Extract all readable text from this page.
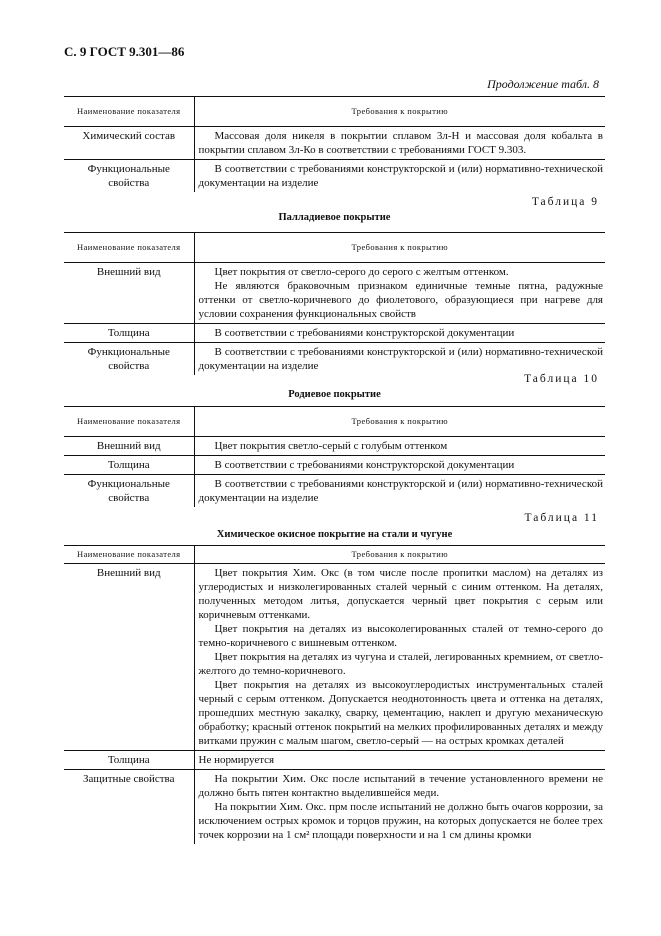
С. 9 ГОСТ 9.301—86
Продолжение табл. 8
Наименование показателя	Требования к покрытию
Химический состав	Массовая доля никеля в покрытии сплавом 3л-Н и массовая доля кобальта в покрытии сплавом 3л-Ко в соответствии с требованиями ГОСТ 9.303.

Функциональные свойства	В соответствии с требованиями конструкторской и (или) нормативно-технической документации на изделие

Таблица 9
Палладиевое покрытие
Наименование показателя	Требования к покрытию
Внешний вид	Цвет покрытия от светло-серого до серого с желтым оттенком.

Не являются браковочным признаком единичные темные пятна, радужные оттенки от светло-коричневого до фиолетового, образующиеся при нагреве для условии сохранения функциональных свойств

Толщина	В соответствии с требованиями конструкторской документации

Функциональные свойства	В соответствии с требованиями конструкторской и (или) нормативно-технической документации на изделие

Таблица 10
Родиевое покрытие
Наименование показателя	Требования к покрытию
Внешний вид	Цвет покрытия светло-серый с голубым оттенком

Толщина	В соответствии с требованиями конструкторской документации

Функциональные свойства	В соответствии с требованиями конструкторской и (или) нормативно-технической документации на изделие

Таблица 11
Химическое окисное покрытие на стали и чугуне
Наименование показателя	Требования к покрытию
Внешний вид	Цвет покрытия Хим. Окс (в том числе после пропитки маслом) на деталях из углеродистых и низколегированных сталей черный с синим оттенком. На деталях, полученных методом литья, допускается черный цвет покрытия с серым или коричневым оттенками.

Цвет покрытия на деталях из высоколегированных сталей от темно-серого до темно-коричневого с вишневым оттенком.

Цвет покрытия на деталях из чугуна и сталей, легированных кремнием, от светло-желтого до темно-коричневого.

Цвет покрытия на деталях из высокоуглеродистых инструментальных сталей черный с серым оттенком. Допускается неоднотонность цвета и оттенка на деталях, прошедших местную закалку, сварку, цементацию, наклеп и другую механическую обработку; красный оттенок покрытий на мелких профилированных деталях и между витками пружин с малым шагом, светло-серый — на острых кромках деталей

Толщина	Не нормируется

Защитные свойства	На покрытии Хим. Окс после испытаний в течение установленного времени не должно быть пятен контактно выделившейся меди.

На покрытии Хим. Окс. прм после испытаний не должно быть очагов коррозии, за исключением острых кромок и торцов пружин, на которых допускается не более трех точек коррозии на 1 см² площади поверхности и на 1 см длины кромки
